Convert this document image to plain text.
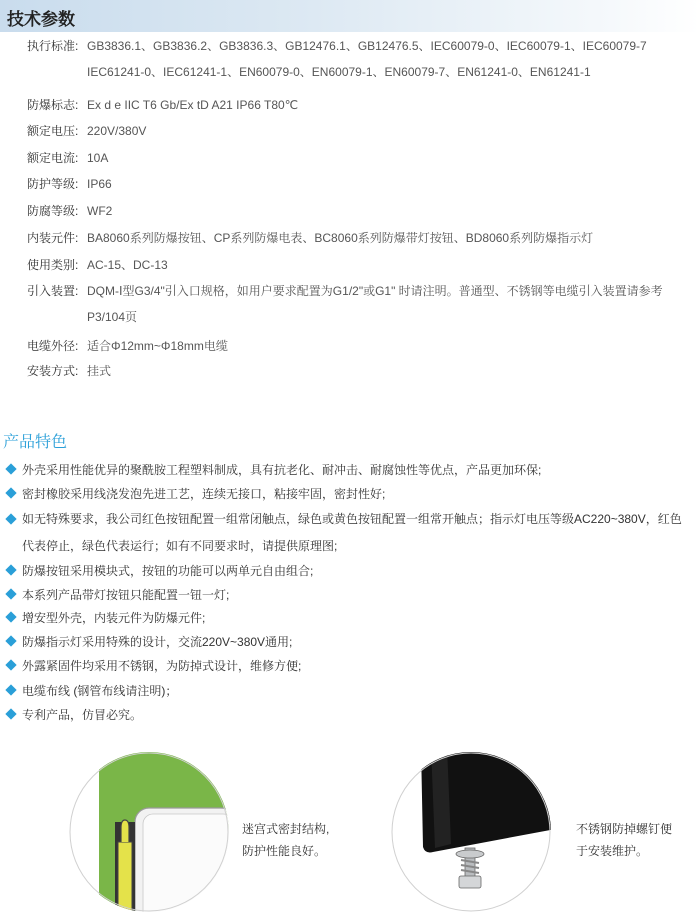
技术参数
执行标准: GB3836.1、GB3836.2、GB3836.3、GB12476.1、GB12476.5、IEC60079-0、IEC60079-1、IEC60079-7 IEC61241-0、IEC61241-1、EN60079-0、EN60079-1、EN60079-7、EN61241-0、EN61241-1
防爆标志: Ex d e IIC T6 Gb/Ex tD A21 IP66 T80℃
额定电压: 220V/380V
额定电流: 10A
防护等级: IP66
防腐等级: WF2
内装元件: BA8060系列防爆按钮、CP系列防爆电表、BC8060系列防爆带灯按钮、BD8060系列防爆指示灯
使用类别: AC-15、DC-13
引入装置: DQM-Ⅰ型G3/4"引入口规格，如用户要求配置为G1/2"或G1" 时请注明。普通型、不锈钢等电缆引入装置请参考 P3/104页
电缆外径: 适合Φ12mm~Φ18mm电缆
安装方式: 挂式
产品特色
外壳采用性能优异的聚酰胺工程塑料制成，具有抗老化、耐冲击、耐腐蚀性等优点，产品更加环保;
密封橡胶采用线浇发泡先进工艺，连续无接口，粘接牢固，密封性好;
如无特殊要求，我公司红色按钮配置一组常闭触点，绿色或黄色按钮配置一组常开触点；指示灯电压等级AC220~380V，红色代表停止，绿色代表运行；如有不同要求时，请提供原理图;
防爆按钮采用模块式，按钮的功能可以两单元自由组合;
本系列产品带灯按钮只能配置一钮一灯;
增安型外壳，内装元件为防爆元件;
防爆指示灯采用特殊的设计，交流220V~380V通用;
外露紧固件均采用不锈钢，为防掉式设计，维修方便;
电缆布线 (钢管布线请注明)；
专利产品，仿冒必究。
迷宫式密封结构,
防护性能良好。
不锈钢防掉螺钉便
于安装维护。
